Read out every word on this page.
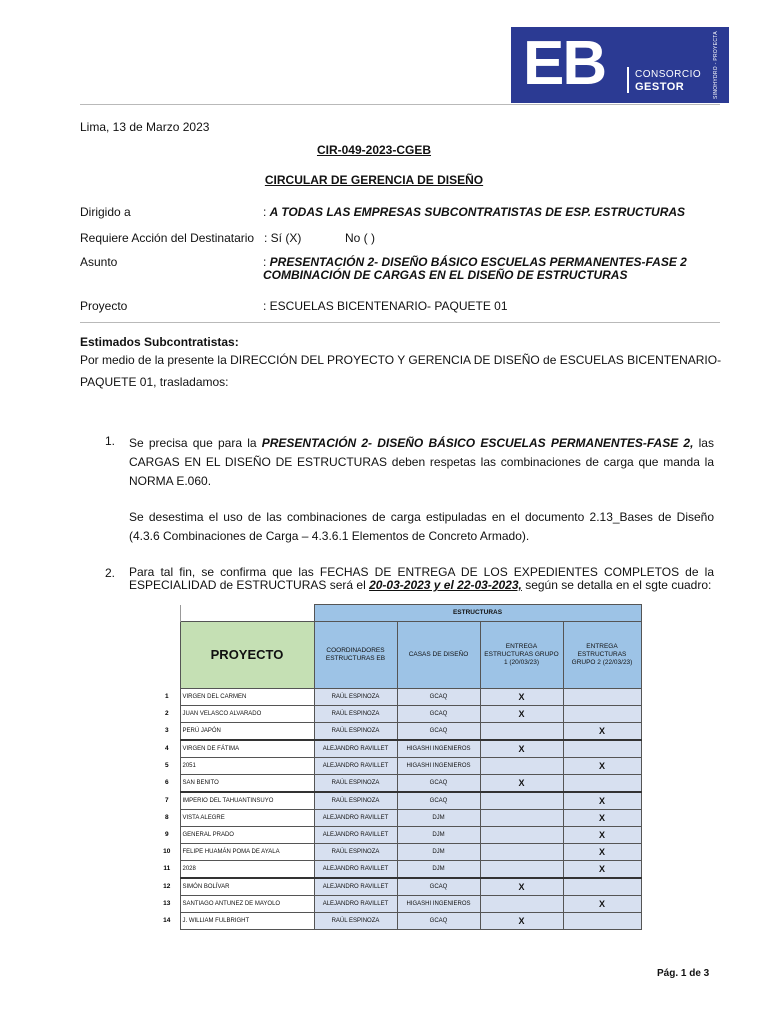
EB	CONSORCIO
GESTOR	SINOHYDRO - PROYECTA
Lima, 13 de Marzo 2023
CIR-049-2023-CGEB
CIRCULAR DE GERENCIA DE DISEÑO
Dirigido a	: A TODAS LAS EMPRESAS SUBCONTRATISTAS DE ESP. ESTRUCTURAS
Requiere Acción del Destinatario : Sí (X)	No ( )
Asunto	: PRESENTACIÓN 2- DISEÑO BÁSICO ESCUELAS PERMANENTES-FASE 2
COMBINACIÓN DE CARGAS EN EL DISEÑO DE ESTRUCTURAS
Proyecto	: ESCUELAS BICENTENARIO- PAQUETE 01
Estimados Subcontratistas:
Por medio de la presente la DIRECCIÓN DEL PROYECTO Y GERENCIA DE DISEÑO de ESCUELAS BICENTENARIO-
PAQUETE 01, trasladamos:
1. Se precisa que para la PRESENTACIÓN 2- DISEÑO BÁSICO ESCUELAS PERMANENTES-FASE 2, las CARGAS EN EL DISEÑO DE ESTRUCTURAS deben respetas las combinaciones de carga que manda la NORMA E.060.
Se desestima el uso de las combinaciones de carga estipuladas en el documento 2.13_Bases de Diseño (4.3.6 Combinaciones de Carga – 4.3.6.1 Elementos de Concreto Armado).
2. Para tal fin, se confirma que las FECHAS DE ENTREGA DE LOS EXPEDIENTES COMPLETOS de la ESPECIALIDAD de ESTRUCTURAS será el 20-03-2023 y el 22-03-2023, según se detalla en el sgte cuadro:
		ESTRUCTURAS			
	PROYECTO	COORDINADORES ESTRUCTURAS EB	CASAS DE DISEÑO	ENTREGA ESTRUCTURAS GRUPO 1 (20/03/23)	ENTREGA ESTRUCTURAS GRUPO 2 (22/03/23)
1	VIRGEN DEL CARMEN	RAÚL ESPINOZA	GCAQ	X	
2	JUAN VELASCO ALVARADO	RAÚL ESPINOZA	GCAQ	X	
3	PERÚ JAPÓN	RAÚL ESPINOZA	GCAQ		X
4	VIRGEN DE FÁTIMA	ALEJANDRO RAVILLET	HIGASHI INGENIEROS	X	
5	2051	ALEJANDRO RAVILLET	HIGASHI INGENIEROS		X
6	SAN BENITO	RAÚL ESPINOZA	GCAQ	X	
7	IMPERIO DEL TAHUANTINSUYO	RAÚL ESPINOZA	GCAQ		X
8	VISTA ALEGRE	ALEJANDRO RAVILLET	DJM		X
9	GENERAL PRADO	ALEJANDRO RAVILLET	DJM		X
10	FELIPE HUAMÁN POMA DE AYALA	RAÚL ESPINOZA	DJM		X
11	2028	ALEJANDRO RAVILLET	DJM		X
12	SIMÓN BOLÍVAR	ALEJANDRO RAVILLET	GCAQ	X	
13	SANTIAGO ANTUNEZ DE MAYOLO	ALEJANDRO RAVILLET	HIGASHI INGENIEROS		X
14	J. WILLIAM FULBRIGHT	RAÚL ESPINOZA	GCAQ	X	
Pág. 1 de 3
